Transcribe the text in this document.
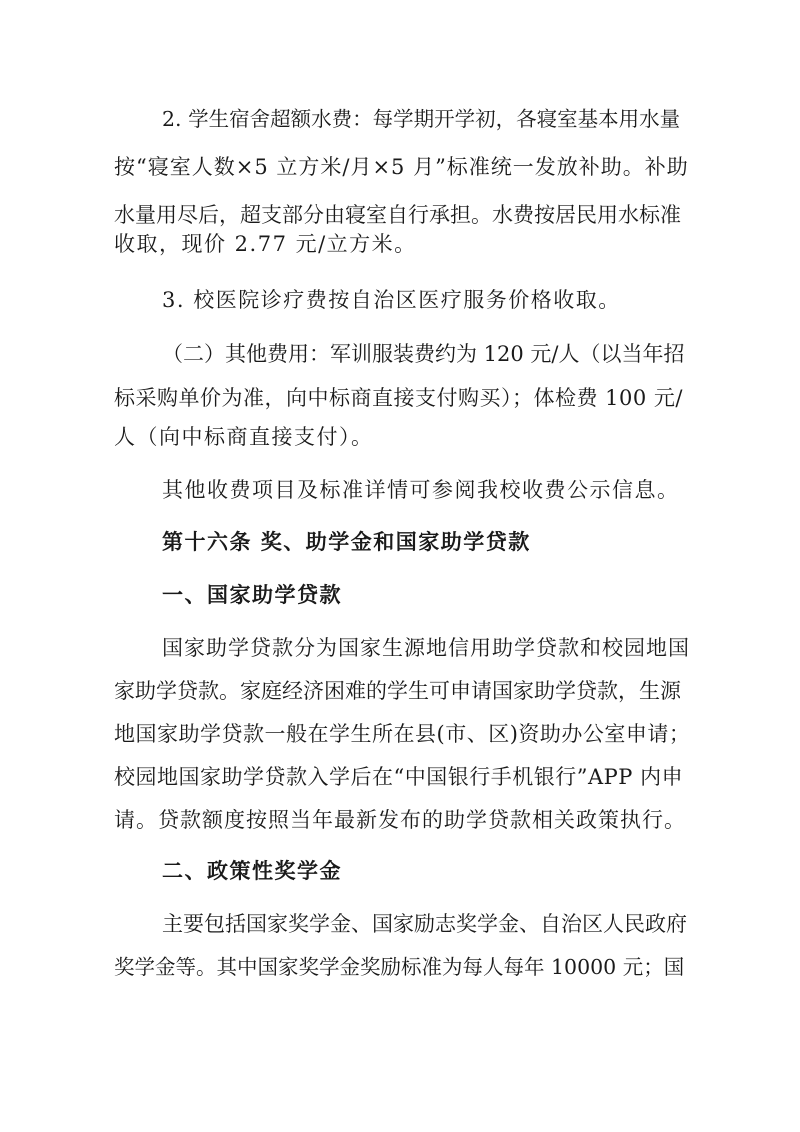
2. 学生宿舍超额水费：每学期开学初，各寝室基本用水量
按“寝室人数×5 立方米/月×5 月”标准统一发放补助。补助
水量用尽后，超支部分由寝室自行承担。水费按居民用水标准
收取，现价 2.77 元/立方米。
3. 校医院诊疗费按自治区医疗服务价格收取。
（二）其他费用：军训服装费约为 120 元/人（以当年招
标采购单价为准，向中标商直接支付购买）；体检费 100 元/
人（向中标商直接支付）。
其他收费项目及标准详情可参阅我校收费公示信息。
第十六条 奖、助学金和国家助学贷款
一、国家助学贷款
国家助学贷款分为国家生源地信用助学贷款和校园地国
家助学贷款。家庭经济困难的学生可申请国家助学贷款，生源
地国家助学贷款一般在学生所在县(市、区)资助办公室申请；
校园地国家助学贷款入学后在“中国银行手机银行”APP 内申
请。贷款额度按照当年最新发布的助学贷款相关政策执行。
二、政策性奖学金
主要包括国家奖学金、国家励志奖学金、自治区人民政府
奖学金等。其中国家奖学金奖励标准为每人每年 10000 元；国
